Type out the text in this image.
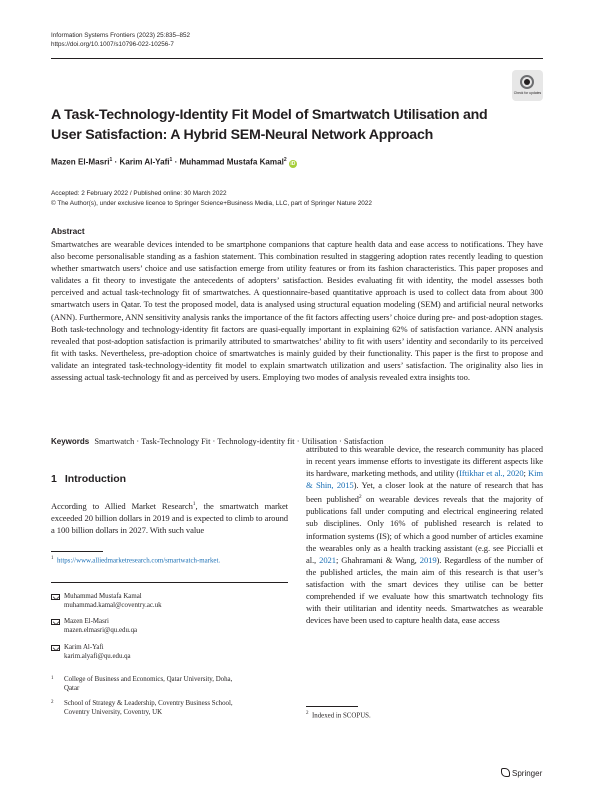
Information Systems Frontiers (2023) 25:835–852
https://doi.org/10.1007/s10796-022-10256-7
Check for updates
A Task-Technology-Identity Fit Model of Smartwatch Utilisation and User Satisfaction: A Hybrid SEM-Neural Network Approach
Mazen El-Masri$^1$ · Karim Al-Yafi$^1$ · Muhammad Mustafa Kamal$^2$ iD
Accepted: 2 February 2022 / Published online: 30 March 2022
© The Author(s), under exclusive licence to Springer Science+Business Media, LLC, part of Springer Nature 2022
Abstract
Smartwatches are wearable devices intended to be smartphone companions that capture health data and ease access to notifications. They have also become personalisable standing as a fashion statement. This combination resulted in staggering adoption rates recently leading to question whether smartwatch users’ choice and use satisfaction emerge from utility features or from its fashion characteristics. This paper proposes and validates a fit theory to investigate the antecedents of adopters’ satisfaction. Besides evaluating fit with identity, the model assesses both perceived and actual task-technology fit of smartwatches. A questionnaire-based quantitative approach is used to collect data from about 300 smartwatch users in Qatar. To test the proposed model, data is analysed using structural equation modeling (SEM) and artificial neural networks (ANN). Furthermore, ANN sensitivity analysis ranks the importance of the fit factors affecting users’ choice during pre- and post-adoption stages. Both task-technology and technology-identity fit factors are quasi-equally important in explaining 62% of satisfaction variance. ANN analysis revealed that post-adoption satisfaction is primarily attributed to smartwatches’ ability to fit with users’ identity and secondarily to its perceived fit with tasks. Nevertheless, pre-adoption choice of smartwatches is mainly guided by their functionality. This paper is the first to propose and validate an integrated task-technology-identity fit model to explain smartwatch utilization and users’ satisfaction. The originality also lies in assessing actual task-technology fit and as perceived by users. Employing two modes of analysis revealed extra insights too.
Keywords Smartwatch · Task-Technology Fit · Technology-identity fit · Utilisation · Satisfaction
1 Introduction
According to Allied Market Research$^1$, the smartwatch market exceeded 20 billion dollars in 2019 and is expected to climb to around a 100 billion dollars in 2027. With such value
$^1$ https://www.alliedmarketresearch.com/smartwatch-market.
Muhammad Mustafa Kamal
muhammad.kamal@coventry.ac.uk
Mazen El-Masri
mazen.elmasri@qu.edu.qa
Karim Al-Yafi
karim.alyafi@qu.edu.qa
1 College of Business and Economics, Qatar University, Doha,
Qatar
2 School of Strategy & Leadership, Coventry Business School,
Coventry University, Coventry, UK
attributed to this wearable device, the research community has placed in recent years immense efforts to investigate its different aspects like its hardware, marketing methods, and utility (Iftikhar et al., 2020; Kim & Shin, 2015). Yet, a closer look at the nature of research that has been published$^2$ on wearable devices reveals that the majority of publications fall under computing and electrical engineering related sub disciplines. Only 16% of published research is related to information systems (IS); of which a good number of articles examine the wearables only as a health tracking assistant (e.g. see Piccialli et al., 2021; Ghahramani & Wang, 2019). Regardless of the number of the published articles, the main aim of this research is that user’s satisfaction with the smart devices they utilise can be better comprehended if we evaluate how this smartwatch technology fits with their utilitarian and identity needs. Smartwatches as wearable devices have been used to capture health data, ease access
$^2$ Indexed in SCOPUS.
Springer
